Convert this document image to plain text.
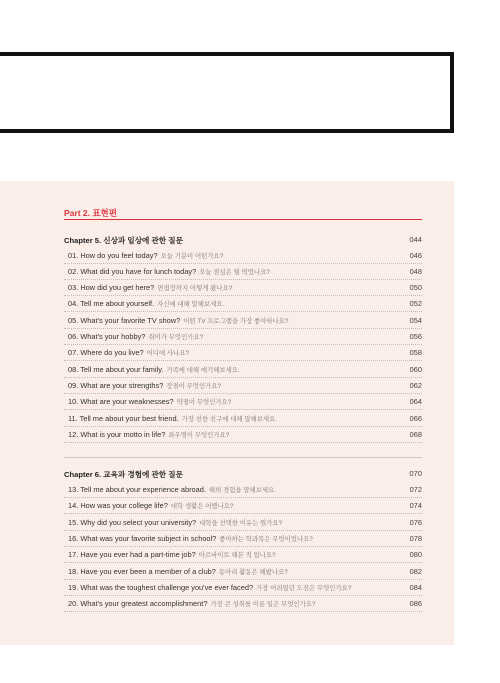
Part 2. 표현편
Chapter 5. 신상과 일상에 관한 질문	044
01. How do you feel today? 오늘 기분이 어떤가요?	046
02. What did you have for lunch today? 오늘 점심은 뭘 먹었나요?	048
03. How did you get here? 면접장까지 어떻게 왔나요?	050
04. Tell me about yourself. 자신에 대해 말해보세요.	052
05. What's your favorite TV show? 어떤 TV 프로그램을 가장 좋아하나요?	054
06. What's your hobby? 취미가 무엇인가요?	056
07. Where do you live? 어디에 사나요?	058
08. Tell me about your family. 가족에 대해 얘기해보세요.	060
09. What are your strengths? 장점이 무엇인가요?	062
10. What are your weaknesses? 약점이 무엇인가요?	064
11. Tell me about your best friend. 가장 친한 친구에 대해 말해보세요.	066
12. What is your motto in life? 좌우명이 무엇인가요?	068
Chapter 6. 교육과 경험에 관한 질문	070
13. Tell me about your experience abroad. 해외 경험을 말해보세요.	072
14. How was your college life? 대학 생활은 어땠나요?	074
15. Why did you select your university? 대학을 선택한 이유는 뭔가요?	076
16. What was your favorite subject in school? 좋아하는 학과목은 무엇이었나요?	078
17. Have you ever had a part-time job? 아르바이트 해본 적 있나요?	080
18. Have you ever been a member of a club? 동아리 활동은 해봤나요?	082
19. What was the toughest challenge you've ever faced? 가장 어려웠던 도전은 무엇인가요?	084
20. What's your greatest accomplishment? 가장 큰 성취를 이룬 일은 무엇인가요?	086
